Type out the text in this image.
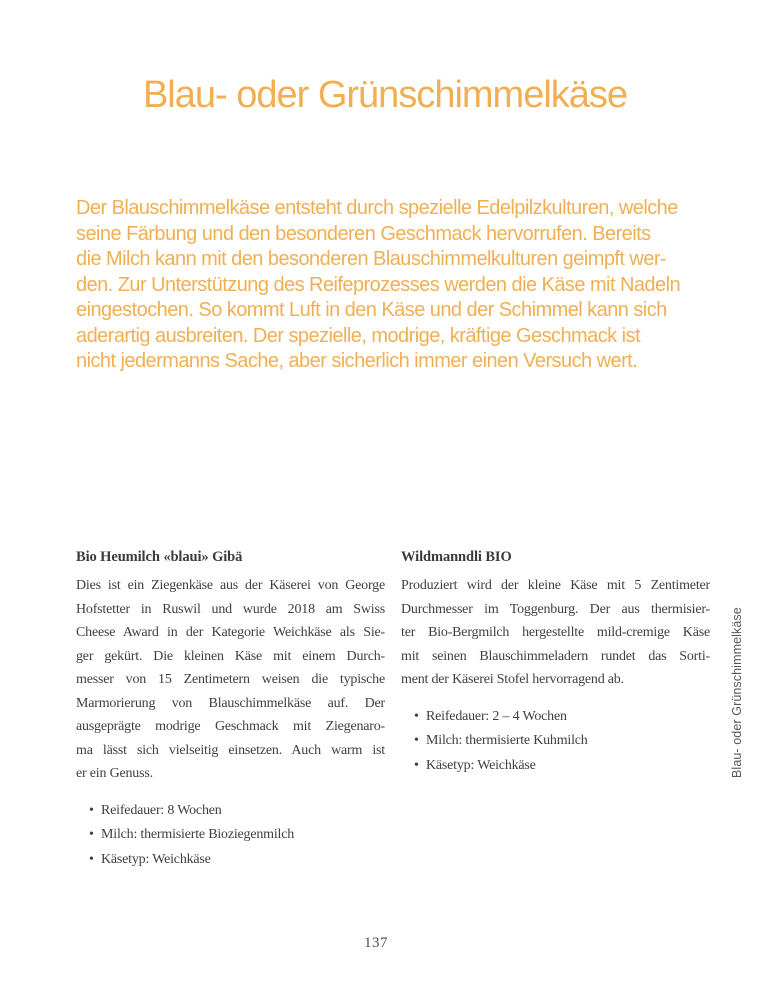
Blau- oder Grünschimmelkäse
Der Blauschimmelkäse entsteht durch spezielle Edelpilzkulturen, welche
seine Färbung und den besonderen Geschmack hervorrufen. Bereits
die Milch kann mit den besonderen Blauschimmelkulturen geimpft wer-
den. Zur Unterstützung des Reifeprozesses werden die Käse mit Nadeln
eingestochen. So kommt Luft in den Käse und der Schimmel kann sich
aderartig ausbreiten. Der spezielle, modrige, kräftige Geschmack ist
nicht jedermanns Sache, aber sicherlich immer einen Versuch wert.
Bio Heumilch «blaui» Gibä
Dies ist ein Ziegenkäse aus der Käserei von George
Hofstetter in Ruswil und wurde 2018 am Swiss
Cheese Award in der Kategorie Weichkäse als Sie-
ger gekürt. Die kleinen Käse mit einem Durch-
messer von 15 Zentimetern weisen die typische
Marmorierung von Blauschimmelkäse auf. Der
ausgeprägte modrige Geschmack mit Ziegenaro-
ma lässt sich vielseitig einsetzen. Auch warm ist
er ein Genuss.
• Reifedauer: 8 Wochen
• Milch: thermisierte Bioziegenmilch
• Käsetyp: Weichkäse
Wildmanndli BIO
Produziert wird der kleine Käse mit 5 Zentimeter
Durchmesser im Toggenburg. Der aus thermisier-
ter Bio-Bergmilch hergestellte mild-cremige Käse
mit seinen Blauschimmeladern rundet das Sorti-
ment der Käserei Stofel hervorragend ab.
• Reifedauer: 2 – 4 Wochen
• Milch: thermisierte Kuhmilch
• Käsetyp: Weichkäse	Blau- oder Grünschimmelkäse
137
